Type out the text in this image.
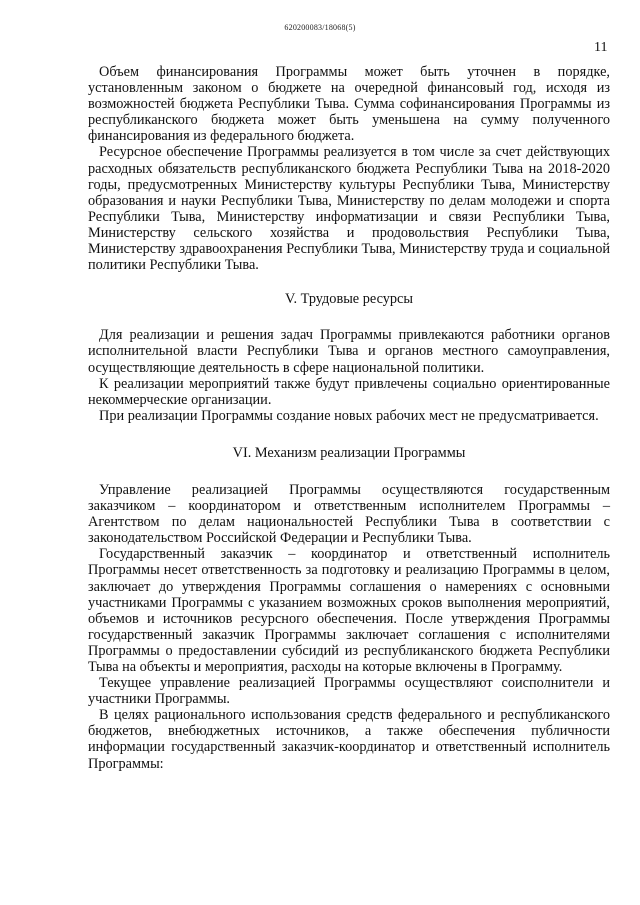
620200083/18068(5)
11

Объем финансирования Программы может быть уточнен в порядке, установленным законом о бюджете на очередной финансовый год, исходя из возможностей бюджета Республики Тыва. Сумма софинансирования Программы из республиканского бюджета может быть уменьшена на сумму полученного финансирования из федерального бюджета.

Ресурсное обеспечение Программы реализуется в том числе за счет действующих расходных обязательств республиканского бюджета Республики Тыва на 2018-2020 годы, предусмотренных Министерству культуры Республики Тыва, Министерству образования и науки Республики Тыва, Министерству по делам молодежи и спорта Республики Тыва, Министерству информатизации и связи Республики Тыва, Министерству сельского хозяйства и продовольствия Республики Тыва, Министерству здравоохранения Республики Тыва, Министерству труда и социальной политики Республики Тыва.

V. Трудовые ресурсы

Для реализации и решения задач Программы привлекаются работники органов исполнительной власти Республики Тыва и органов местного самоуправления, осуществляющие деятельность в сфере национальной политики.

К реализации мероприятий также будут привлечены социально ориентированные некоммерческие организации.

При реализации Программы создание новых рабочих мест не предусматривается.

VI. Механизм реализации Программы

Управление реализацией Программы осуществляются государственным заказчиком – координатором и ответственным исполнителем Программы – Агентством по делам национальностей Республики Тыва в соответствии с законодательством Российской Федерации и Республики Тыва.

Государственный заказчик – координатор и ответственный исполнитель Программы несет ответственность за подготовку и реализацию Программы в целом, заключает до утверждения Программы соглашения о намерениях с основными участниками Программы с указанием возможных сроков выполнения мероприятий, объемов и источников ресурсного обеспечения. После утверждения Программы государственный заказчик Программы заключает соглашения с исполнителями Программы о предоставлении субсидий из республиканского бюджета Республики Тыва на объекты и мероприятия, расходы на которые включены в Программу.

Текущее управление реализацией Программы осуществляют соисполнители и участники Программы.

В целях рационального использования средств федерального и республиканского бюджетов, внебюджетных источников, а также обеспечения публичности информации государственный заказчик-координатор и ответственный исполнитель Программы:
